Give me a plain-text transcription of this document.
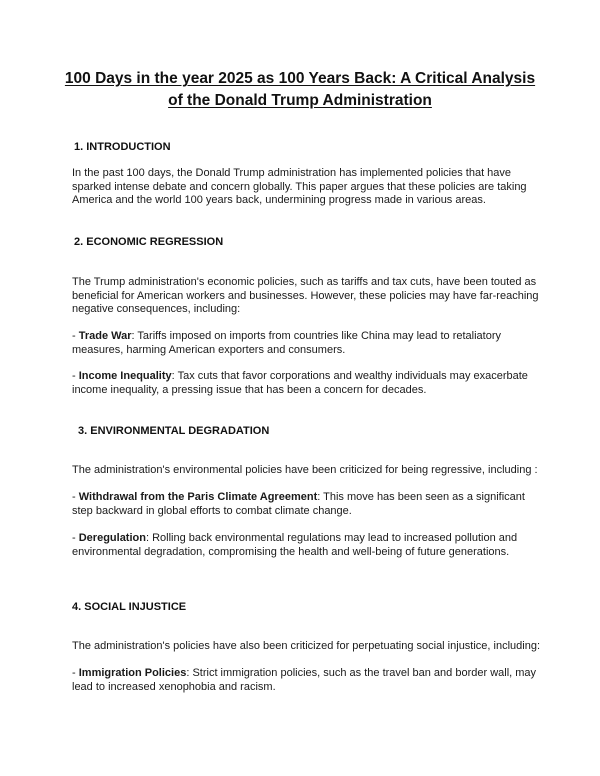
100 Days in the year 2025 as 100 Years Back: A Critical Analysis of the Donald Trump Administration
1. INTRODUCTION
In the past 100 days, the Donald Trump administration has implemented policies that have sparked intense debate and concern globally. This paper argues that these policies are taking America and the world 100 years back, undermining progress made in various areas.
2. ECONOMIC REGRESSION
The Trump administration's economic policies, such as tariffs and tax cuts, have been touted as beneficial for American workers and businesses. However, these policies may have far-reaching negative consequences, including:
- Trade War: Tariffs imposed on imports from countries like China may lead to retaliatory measures, harming American exporters and consumers.
- Income Inequality: Tax cuts that favor corporations and wealthy individuals may exacerbate income inequality, a pressing issue that has been a concern for decades.
3. ENVIRONMENTAL DEGRADATION
The administration's environmental policies have been criticized for being regressive, including :
- Withdrawal from the Paris Climate Agreement: This move has been seen as a significant step backward in global efforts to combat climate change.
- Deregulation: Rolling back environmental regulations may lead to increased pollution and environmental degradation, compromising the health and well-being of future generations.
4. SOCIAL INJUSTICE
The administration's policies have also been criticized for perpetuating social injustice, including:
- Immigration Policies: Strict immigration policies, such as the travel ban and border wall, may lead to increased xenophobia and racism.
